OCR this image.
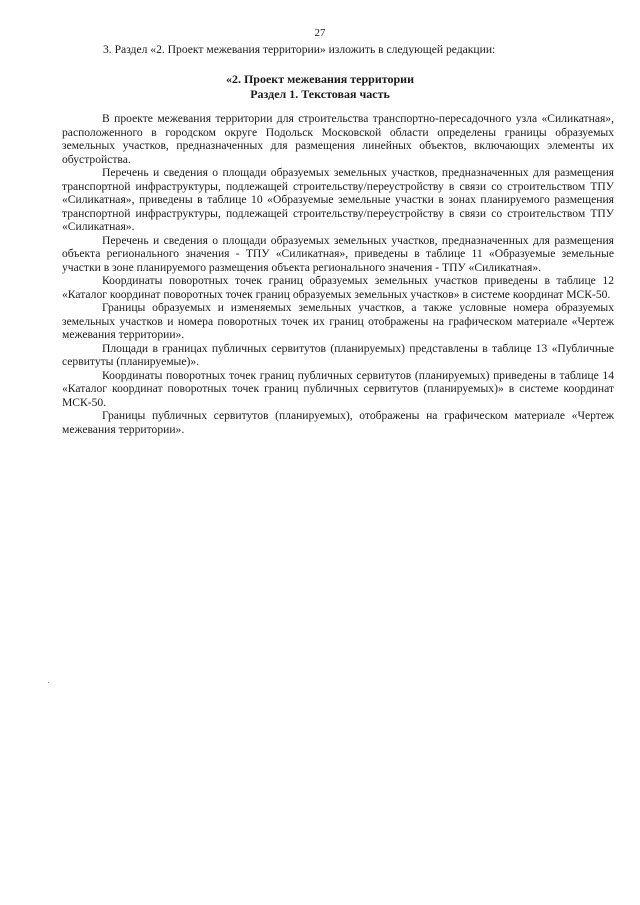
27
3. Раздел «2. Проект межевания территории» изложить в следующей редакции:
«2. Проект межевания территории
Раздел 1. Текстовая часть

В проекте межевания территории для строительства транспортно-пересадочного узла «Силикатная», расположенного в городском округе Подольск Московской области определены границы образуемых земельных участков, предназначенных для размещения линейных объектов, включающих элементы их обустройства.

Перечень и сведения о площади образуемых земельных участков, предназначенных для размещения транспортной инфраструктуры, подлежащей строительству/переустройству в связи со строительством ТПУ «Силикатная», приведены в таблице 10 «Образуемые земельные участки в зонах планируемого размещения транспортной инфраструктуры, подлежащей строительству/переустройству в связи со строительством ТПУ «Силикатная».

Перечень и сведения о площади образуемых земельных участков, предназначенных для размещения объекта регионального значения - ТПУ «Силикатная», приведены в таблице 11 «Образуемые земельные участки в зоне планируемого размещения объекта регионального значения - ТПУ «Силикатная».

Координаты поворотных точек границ образуемых земельных участков приведены в таблице 12 «Каталог координат поворотных точек границ образуемых земельных участков» в системе координат МСК-50.

Границы образуемых и изменяемых земельных участков, а также условные номера образуемых земельных участков и номера поворотных точек их границ отображены на графическом материале «Чертеж межевания территории».

Площади в границах публичных сервитутов (планируемых) представлены в таблице 13 «Публичные сервитуты (планируемые)».

Координаты поворотных точек границ публичных сервитутов (планируемых) приведены в таблице 14 «Каталог координат поворотных точек границ публичных сервитутов (планируемых)» в системе координат МСК-50.

Границы публичных сервитутов (планируемых), отображены на графическом материале «Чертеж межевания территории».
